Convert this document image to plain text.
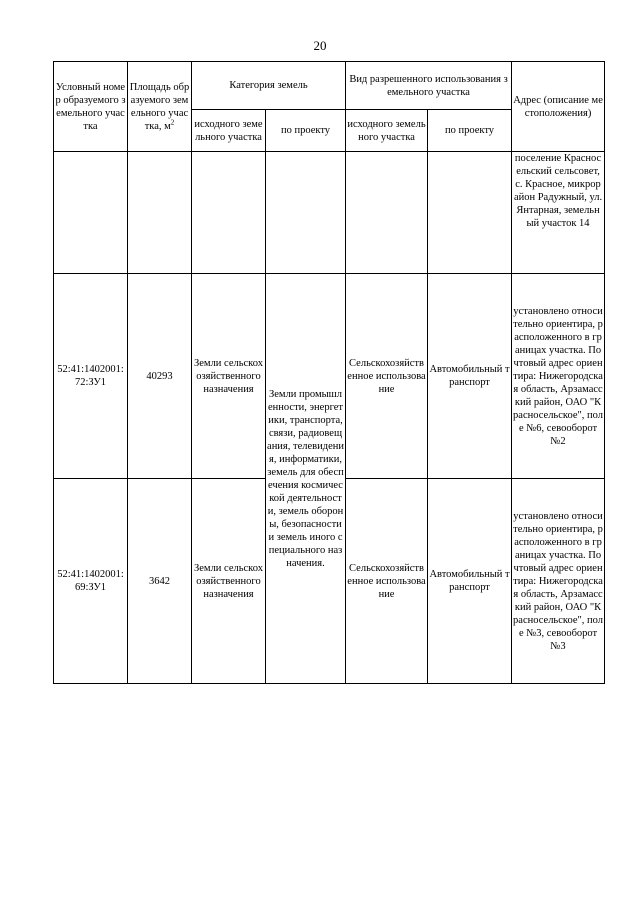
20
Условный номер образуемого земельного участка	Площадь образуемого земельного участка, $м^2$	Категория земель		Вид разрешенного использования земельного участка		Адрес (описание местоположения)
		исходного земельного участка	по проекту	исходного земельного участка	по проекту	
						поселение Красносельский сельсовет, с. Красное, микрорайон Радужный, ул. Янтарная, земельный участок 14
52:41:1402001:72:ЗУ1	40293	Земли сельскохозяйственного назначения	Земли промышленности, энергетики, транспорта, связи, радиовещания, телевидения, информатики, земель для обеспечения космической деятельности, земель обороны, безопасности и земель иного специального назначения.	Сельскохозяйственное использование	Автомобильный транспорт	установлено относительно ориентира, расположенного в границах участка. Почтовый адрес ориентира: Нижегородская область, Арзамасский район, ОАО "Красносельское", поле №6, севооборот №2
52:41:1402001:69:ЗУ1	3642	Земли сельскохозяйственного назначения		Сельскохозяйственное использование	Автомобильный транспорт	установлено относительно ориентира, расположенного в границах участка. Почтовый адрес ориентира: Нижегородская область, Арзамасский район, ОАО "Красносельское", поле №3, севооборот №3
